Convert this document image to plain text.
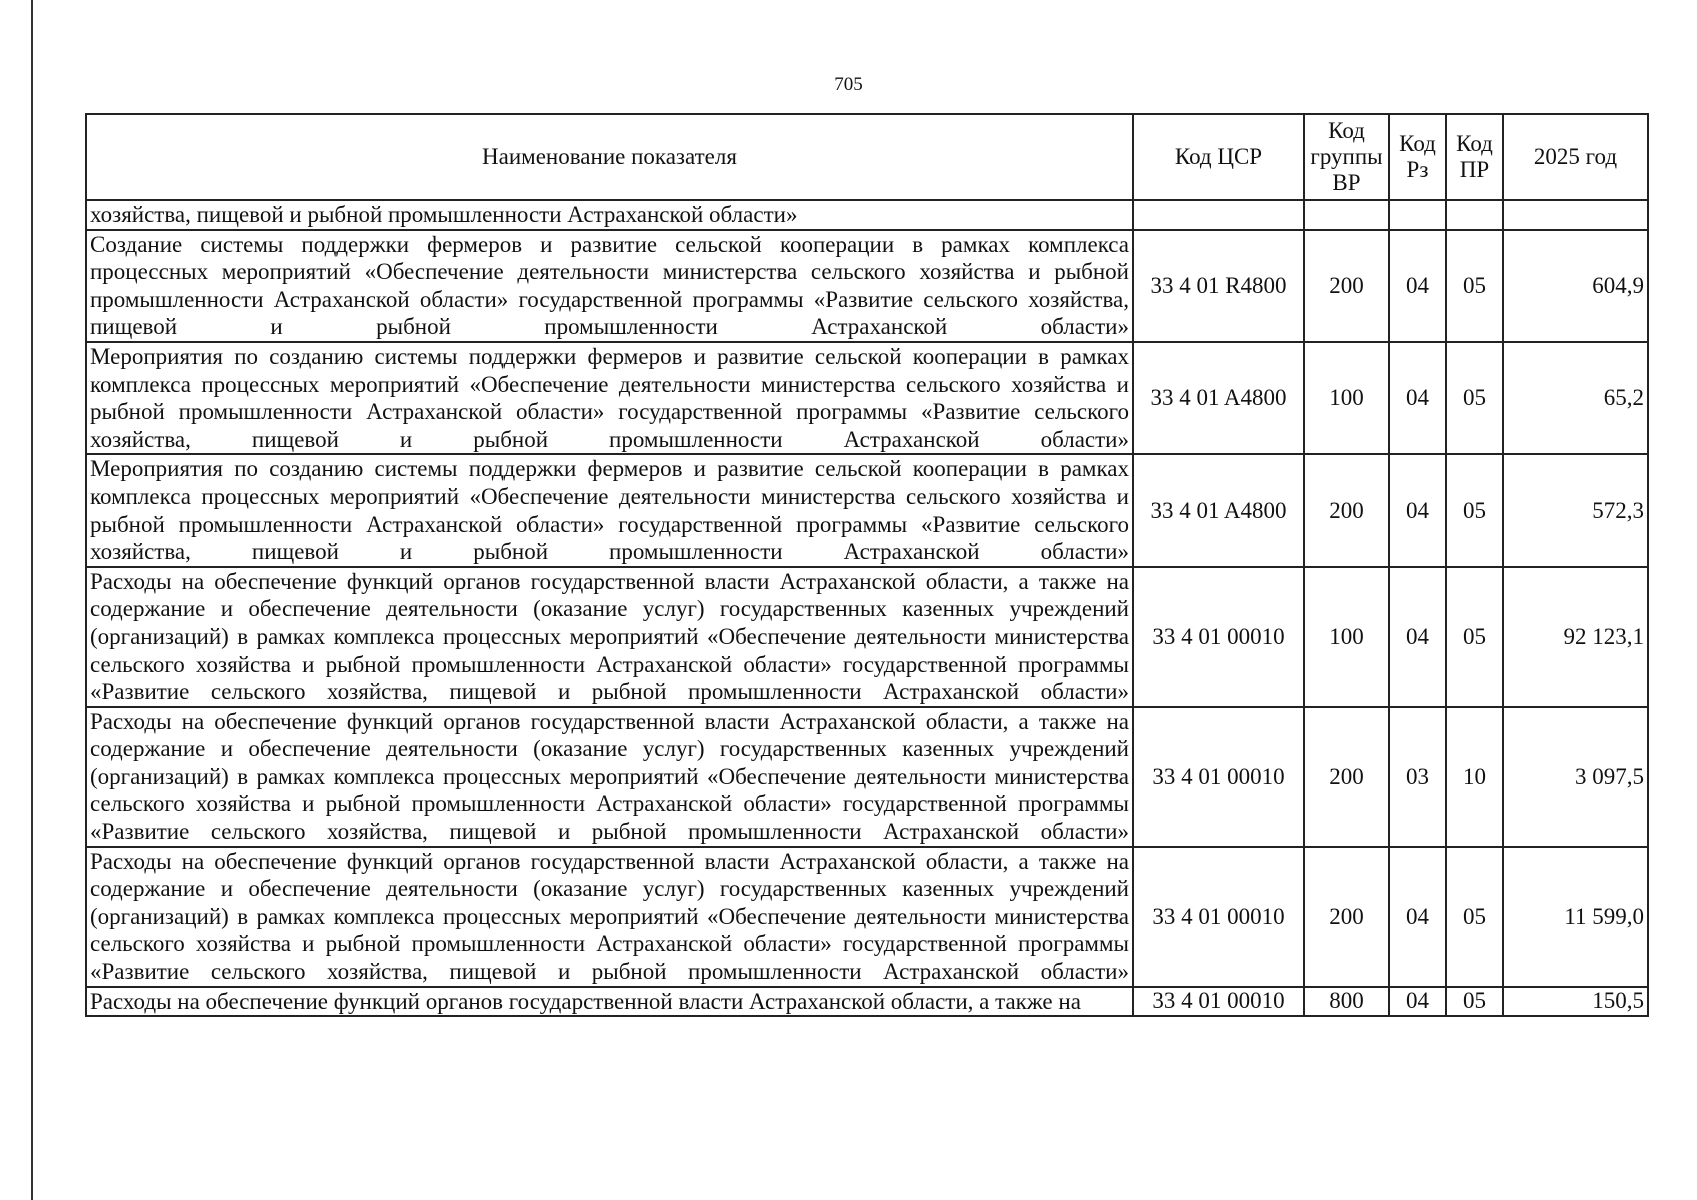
705
Наименование показателя	Код ЦСР	Код группы ВР	Код Рз	Код ПР	2025 год
хозяйства, пищевой и рыбной промышленности Астраханской области»					
Создание системы поддержки фермеров и развитие сельской кооперации в рамках комплекса процессных мероприятий «Обеспечение деятельности министерства сельского хозяйства и рыбной промышленности Астраханской области» государственной программы «Развитие сельского хозяйства, пищевой и рыбной промышленности Астраханской области»	33 4 01 R4800	200	04	05	604,9
Мероприятия по созданию системы поддержки фермеров и развитие сельской кооперации в рамках комплекса процессных мероприятий «Обеспечение деятельности министерства сельского хозяйства и рыбной промышленности Астраханской области» государственной программы «Развитие сельского хозяйства, пищевой и рыбной промышленности Астраханской области»	33 4 01 A4800	100	04	05	65,2
Мероприятия по созданию системы поддержки фермеров и развитие сельской кооперации в рамках комплекса процессных мероприятий «Обеспечение деятельности министерства сельского хозяйства и рыбной промышленности Астраханской области» государственной программы «Развитие сельского хозяйства, пищевой и рыбной промышленности Астраханской области»	33 4 01 A4800	200	04	05	572,3
Расходы на обеспечение функций органов государственной власти Астраханской области, а также на содержание и обеспечение деятельности (оказание услуг) государственных казенных учреждений (организаций) в рамках комплекса процессных мероприятий «Обеспечение деятельности министерства сельского хозяйства и рыбной промышленности Астраханской области» государственной программы «Развитие сельского хозяйства, пищевой и рыбной промышленности Астраханской области»	33 4 01 00010	100	04	05	92 123,1
Расходы на обеспечение функций органов государственной власти Астраханской области, а также на содержание и обеспечение деятельности (оказание услуг) государственных казенных учреждений (организаций) в рамках комплекса процессных мероприятий «Обеспечение деятельности министерства сельского хозяйства и рыбной промышленности Астраханской области» государственной программы «Развитие сельского хозяйства, пищевой и рыбной промышленности Астраханской области»	33 4 01 00010	200	03	10	3 097,5
Расходы на обеспечение функций органов государственной власти Астраханской области, а также на содержание и обеспечение деятельности (оказание услуг) государственных казенных учреждений (организаций) в рамках комплекса процессных мероприятий «Обеспечение деятельности министерства сельского хозяйства и рыбной промышленности Астраханской области» государственной программы «Развитие сельского хозяйства, пищевой и рыбной промышленности Астраханской области»	33 4 01 00010	200	04	05	11 599,0
Расходы на обеспечение функций органов государственной власти Астраханской области, а также на	33 4 01 00010	800	04	05	150,5
